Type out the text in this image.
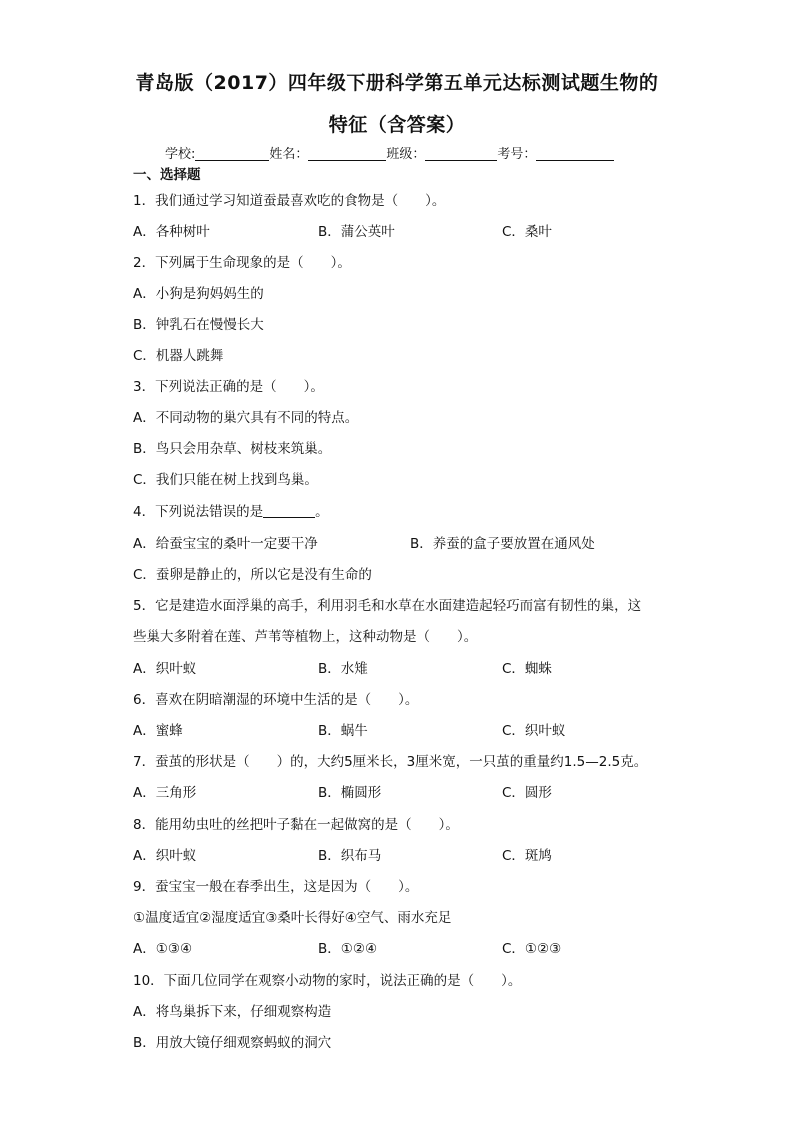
青岛版（2017）四年级下册科学第五单元达标测试题生物的
特征（含答案）
学校:	姓名：	班级：	考号：
一、选择题
1．我们通过学习知道蚕最喜欢吃的食物是（　　）。
A．各种树叶	B．蒲公英叶	C．桑叶
2．下列属于生命现象的是（　　）。
A．小狗是狗妈妈生的
B．钟乳石在慢慢长大
C．机器人跳舞
3．下列说法正确的是（　　）。
A．不同动物的巢穴具有不同的特点。
B．鸟只会用杂草、树枝来筑巢。
C．我们只能在树上找到鸟巢。
4．下列说法错误的是	。
A．给蚕宝宝的桑叶一定要干净	B．养蚕的盒子要放置在通风处
C．蚕卵是静止的，所以它是没有生命的
5．它是建造水面浮巢的高手，利用羽毛和水草在水面建造起轻巧而富有韧性的巢，这
些巢大多附着在莲、芦苇等植物上，这种动物是（　　）。
A．织叶蚁	B．水雉	C．蜘蛛
6．喜欢在阴暗潮湿的环境中生活的是（　　）。
A．蜜蜂	B．蜗牛	C．织叶蚁
7．蚕茧的形状是（　　）的，大约5厘米长，3厘米宽，一只茧的重量约1.5—2.5克。
A．三角形	B．椭圆形	C．圆形
8．能用幼虫吐的丝把叶子黏在一起做窝的是（　　）。
A．织叶蚁	B．织布马	C．斑鸠
9．蚕宝宝一般在春季出生，这是因为（　　）。
①温度适宜②湿度适宜③桑叶长得好④空气、雨水充足
A．①③④	B．①②④	C．①②③
10．下面几位同学在观察小动物的家时，说法正确的是（　　）。
A．将鸟巢拆下来，仔细观察构造
B．用放大镜仔细观察蚂蚁的洞穴
